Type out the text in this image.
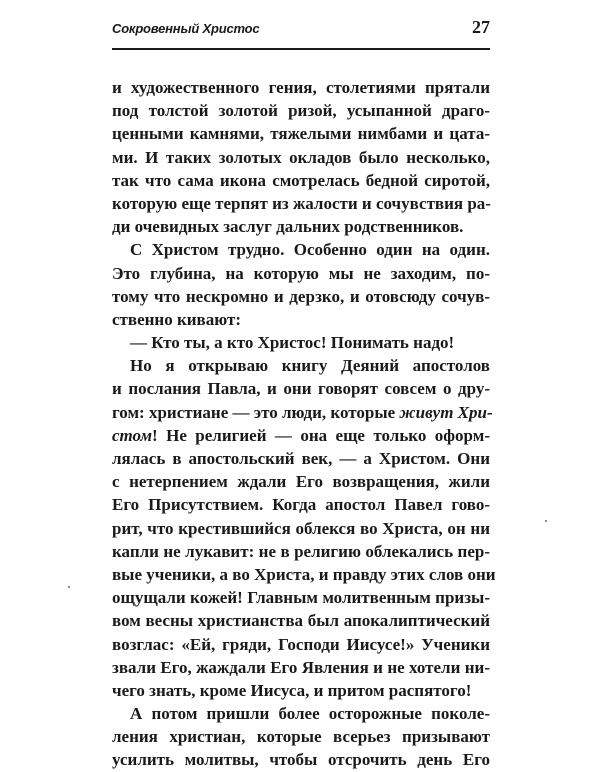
Сокровенный Христос	27
и художественного гения, столетиями прятали
под толстой золотой ризой, усыпанной драго-
ценными камнями, тяжелыми нимбами и цата-
ми. И таких золотых окладов было несколько,
так что сама икона смотрелась бедной сиротой,
которую еще терпят из жалости и сочувствия ра-
ди очевидных заслуг дальних родственников.
С Христом трудно. Особенно один на один.
Это глубина, на которую мы не заходим, по-
тому что нескромно и дерзко, и отовсюду сочув-
ственно кивают:
— Кто ты, а кто Христос! Понимать надо!
Но я открываю книгу Деяний апостолов
и послания Павла, и они говорят совсем о дру-
гом: христиане — это люди, которые живут Хри-
стом! Не религией — она еще только оформ-
лялась в апостольский век, — а Христом. Они
с нетерпением ждали Его возвращения, жили
Его Присутствием. Когда апостол Павел гово-
рит, что крестившийся облекся во Христа, он ни
капли не лукавит: не в религию облекались пер-
вые ученики, а во Христа, и правду этих слов они
ощущали кожей! Главным молитвенным призы-
вом весны христианства был апокалиптический
возглас: «Ей, гряди, Господи Иисусе!» Ученики
звали Его, жаждали Его Явления и не хотели ни-
чего знать, кроме Иисуса, и притом распятого!
А потом пришли более осторожные поколе-
ления христиан, которые всерьез призывают
усилить молитвы, чтобы отсрочить день Его
